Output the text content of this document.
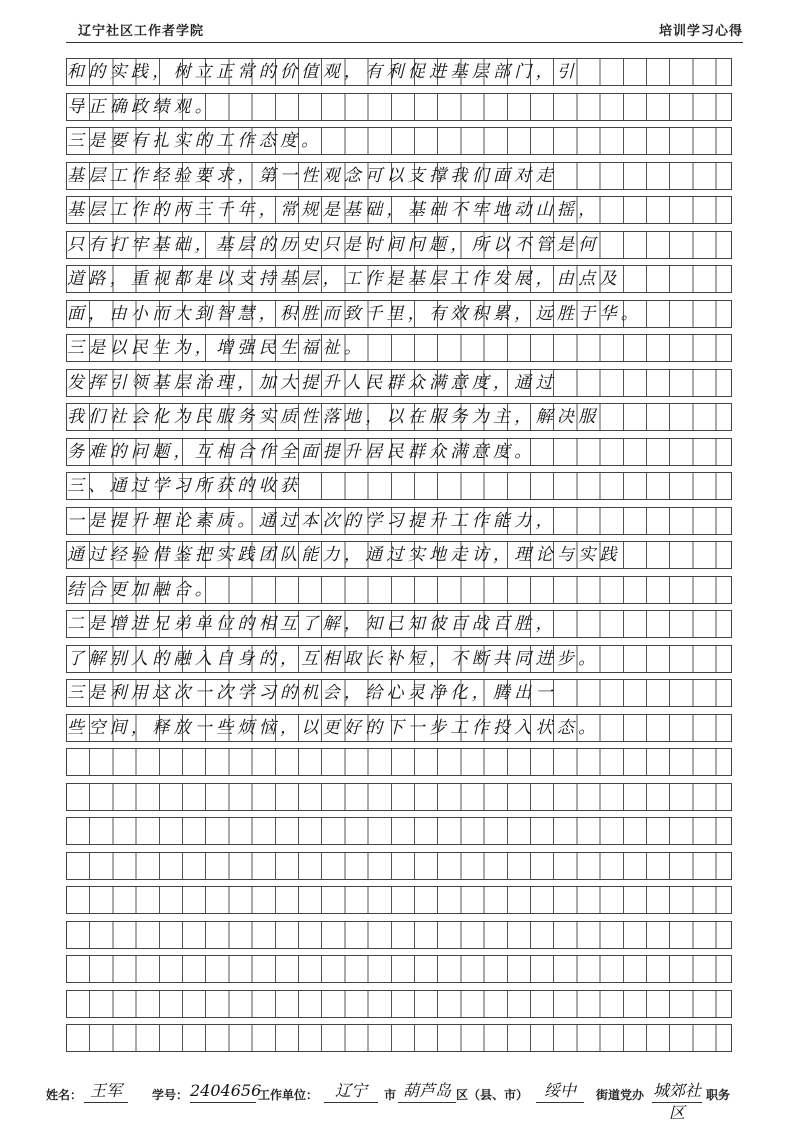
辽宁社区工作者学院	培训学习心得
和的实践，树立正常的价值观，有利促进基层部门，引
导正确政绩观。
三是要有扎实的工作态度。
基层工作经验要求，第一性观念可以支撑我们面对走
基层工作的两三千年，常规是基础，基础不牢地动山摇，
只有打牢基础，基层的历史只是时间问题，所以不管是何
道路，重视都是以支持基层，工作是基层工作发展，由点及
面，由小而大到智慧，积胜而致千里，有效积累，远胜于华。
三是以民生为，增强民生福祉。
发挥引领基层治理，加大提升人民群众满意度，通过
我们社会化为民服务实质性落地，以在服务为主，解决服
务难的问题，互相合作全面提升居民群众满意度。
三、通过学习所获的收获
一是提升理论素质。通过本次的学习提升工作能力，
通过经验借鉴把实践团队能力，通过实地走访，理论与实践
结合更加融合。
二是增进兄弟单位的相互了解，知己知彼百战百胜，
了解别人的融入自身的，互相取长补短，不断共同进步。
三是利用这次一次学习的机会，给心灵净化，腾出一
些空间，释放一些烦恼，以更好的下一步工作投入状态。
姓名： 王军	学号： 2404656
工作单位：	辽宁	市 葫芦岛 区（县、市） 绥中	街道党办 城郊社区
职务
